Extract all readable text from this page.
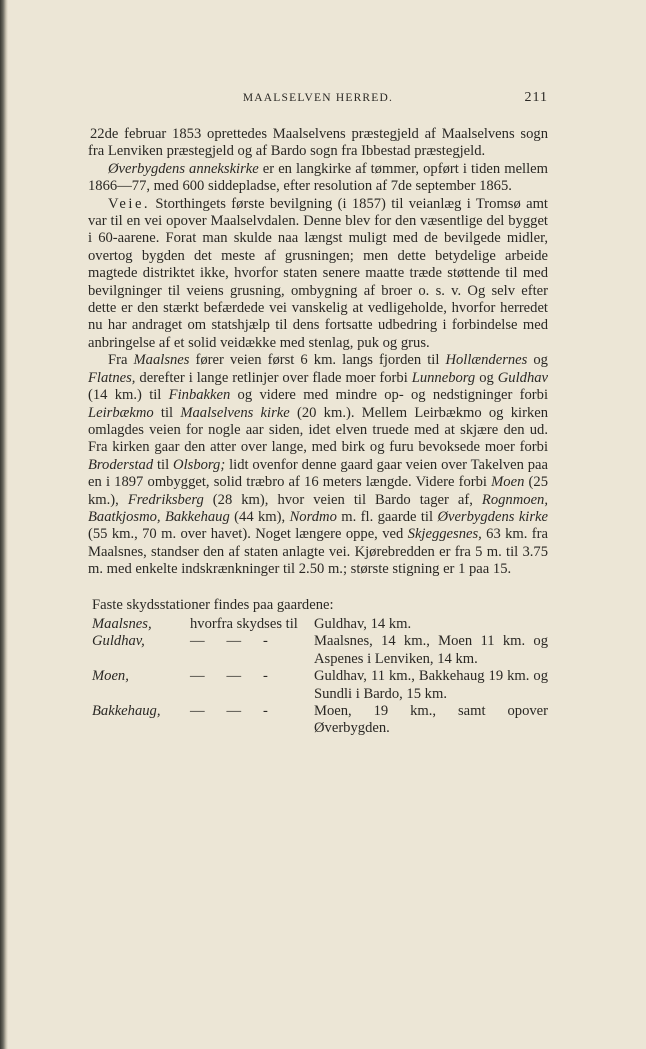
MAALSELVEN HERRED.	211

22de februar 1853 oprettedes Maalselvens præstegjeld af Maalselvens sogn fra Lenviken præstegjeld og af Bardo sogn fra Ibbestad præstegjeld.

Øverbygdens annekskirke er en langkirke af tømmer, opført i tiden mellem 1866—77, med 600 siddepladse, efter resolution af 7de september 1865.

Veie. Storthingets første bevilgning (i 1857) til veianlæg i Tromsø amt var til en vei opover Maalselvdalen. Denne blev for den væsentlige del bygget i 60-aarene. Forat man skulde naa længst muligt med de bevilgede midler, overtog bygden det meste af grusningen; men dette betydelige arbeide magtede distriktet ikke, hvorfor staten senere maatte træde støttende til med bevilgninger til veiens grusning, ombygning af broer o. s. v. Og selv efter dette er den stærkt befærdede vei vanskelig at vedligeholde, hvorfor herredet nu har andraget om statshjælp til dens fortsatte udbedring i forbindelse med anbringelse af et solid veidække med stenlag, puk og grus.

Fra Maalsnes fører veien først 6 km. langs fjorden til Hollændernes og Flatnes, derefter i lange retlinjer over flade moer forbi Lunneborg og Guldhav (14 km.) til Finbakken og videre med mindre op- og nedstigninger forbi Leirbækmo til Maalselvens kirke (20 km.). Mellem Leirbækmo og kirken omlagdes veien for nogle aar siden, idet elven truede med at skjære den ud. Fra kirken gaar den atter over lange, med birk og furu bevoksede moer forbi Broderstad til Olsborg; lidt ovenfor denne gaard gaar veien over Takelven paa en i 1897 ombygget, solid træbro af 16 meters længde. Videre forbi Moen (25 km.), Fredriksberg (28 km), hvor veien til Bardo tager af, Rognmoen, Baatkjosmo, Bakkehaug (44 km), Nordmo m. fl. gaarde til Øverbygdens kirke (55 km., 70 m. over havet). Noget længere oppe, ved Skjeggesnes, 63 km. fra Maalsnes, standser den af staten anlagte vei. Kjørebredden er fra 5 m. til 3.75 m. med enkelte indskrænkninger til 2.50 m.; største stigning er 1 paa 15.

Faste skydsstationer findes paa gaardene:
Maalsnes,	hvorfra skydses til	Guldhav, 14 km.
Guldhav,	—      —      -	Maalsnes, 14 km., Moen 11 km. og Aspenes i Lenviken, 14 km.
Moen,	—      —      -	Guldhav, 11 km., Bakkehaug 19 km. og Sundli i Bardo, 15 km.
Bakkehaug,	—      —      -	Moen, 19 km., samt opover Øverbygden.
